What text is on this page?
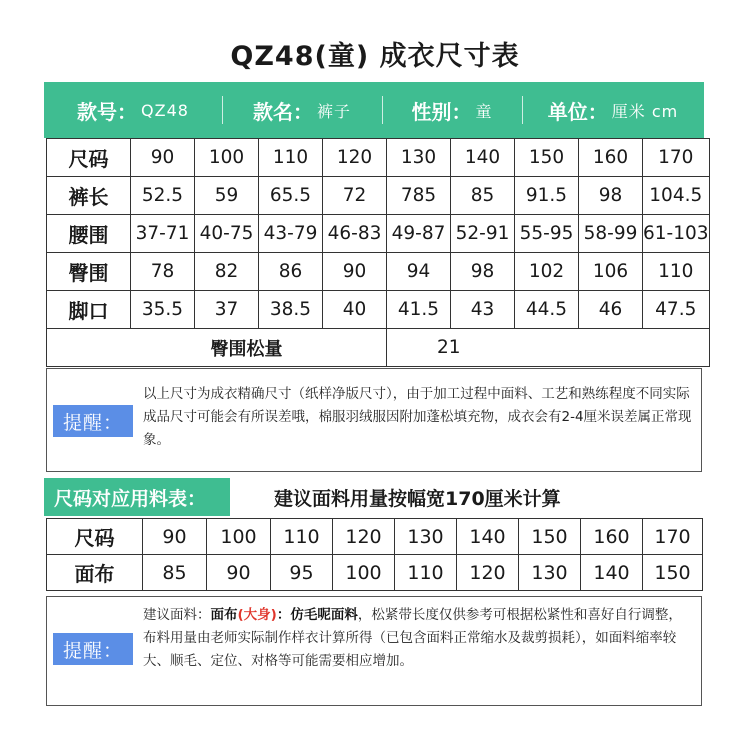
QZ48(童) 成衣尺寸表
款号： QZ48	款名： 裤子	性别： 童	单位： 厘米 cm
尺码	90	100	110	120	130	140	150	160	170
裤长	52.5	59	65.5	72	785	85	91.5	98	104.5
腰围	37-71	40-75	43-79	46-83	49-87	52-91	55-95	58-99	61-103
臀围	78	82	86	90	94	98	102	106	110
脚口	35.5	37	38.5	40	41.5	43	44.5	46	47.5
臀围松量					21				
提醒：
以上尺寸为成衣精确尺寸（纸样净版尺寸），由于加工过程中面料、工艺和熟练程度不同实际成品尺寸可能会有所误差哦，棉服羽绒服因附加蓬松填充物，成衣会有2-4厘米误差属正常现象。
尺码对应用料表：	建议面料用量按幅宽170厘米计算
尺码	90	100	110	120	130	140	150	160	170
面布	85	90	95	100	110	120	130	140	150
提醒：
建议面料：面布(大身)：仿毛呢面料，松紧带长度仅供参考可根据松紧性和喜好自行调整，布料用量由老师实际制作样衣计算所得（已包含面料正常缩水及裁剪损耗），如面料缩率较大、顺毛、定位、对格等可能需要相应增加。
